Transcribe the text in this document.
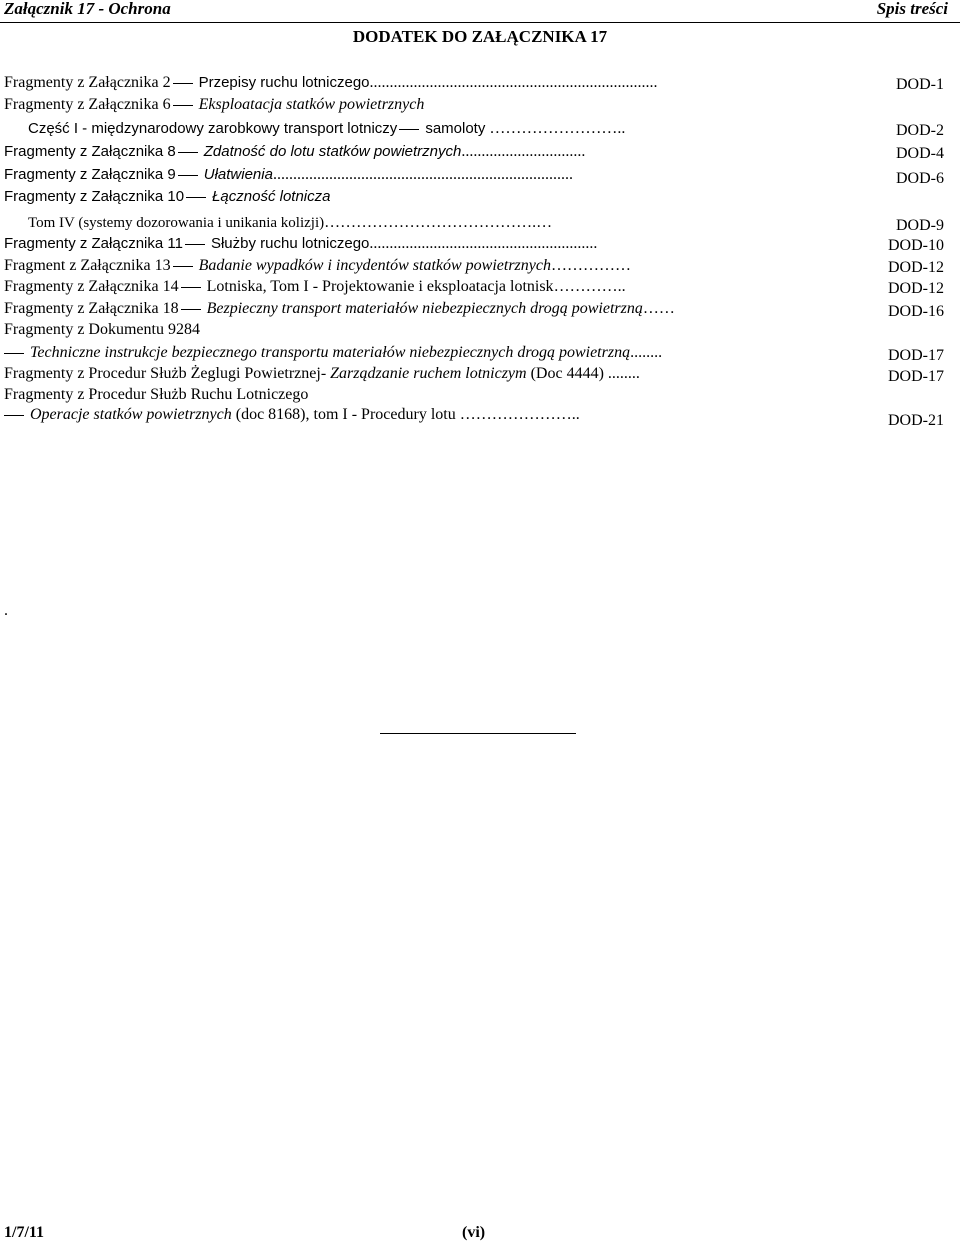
Załącznik 17 - Ochrona	Spis treści
DODATEK DO ZAŁĄCZNIKA 17
Fragmenty z Załącznika 2 Przepisy ruchu lotniczego........................................................................	DOD-1
Fragmenty z Załącznika 6 Eksploatacja statków powietrznych
Część I - międzynarodowy zarobkowy transport lotniczy samoloty ……………………..	DOD-2
Fragmenty z Załącznika 8 Zdatność do lotu statków powietrznych...............................	DOD-4
Fragmenty z Załącznika 9 Ułatwienia...........................................................................	DOD-6
Fragmenty z Załącznika 10 Łączność lotnicza
Tom IV (systemy dozorowania i unikania kolizji)………………………………….…	DOD-9
Fragmenty z Załącznika 11 Służby ruchu lotniczego.........................................................	DOD-10
Fragment z Załącznika 13 Badanie wypadków i incydentów statków powietrznych……………	DOD-12
Fragmenty z Załącznika 14 Lotniska, Tom I - Projektowanie i eksploatacja lotnisk…………..	DOD-12
Fragmenty z Załącznika 18 Bezpieczny transport materiałów niebezpiecznych drogą powietrzną……	DOD-16
Fragmenty z Dokumentu 9284
Techniczne instrukcje bezpiecznego transportu materiałów niebezpiecznych drogą powietrzną........	DOD-17
Fragmenty z Procedur Służb Żeglugi Powietrznej- Zarządzanie ruchem lotniczym (Doc 4444) ........	DOD-17
Fragmenty z Procedur Służb Ruchu Lotniczego
Operacje statków powietrznych (doc 8168), tom I - Procedury lotu …………………..	DOD-21
.
1/7/11	(vi)
